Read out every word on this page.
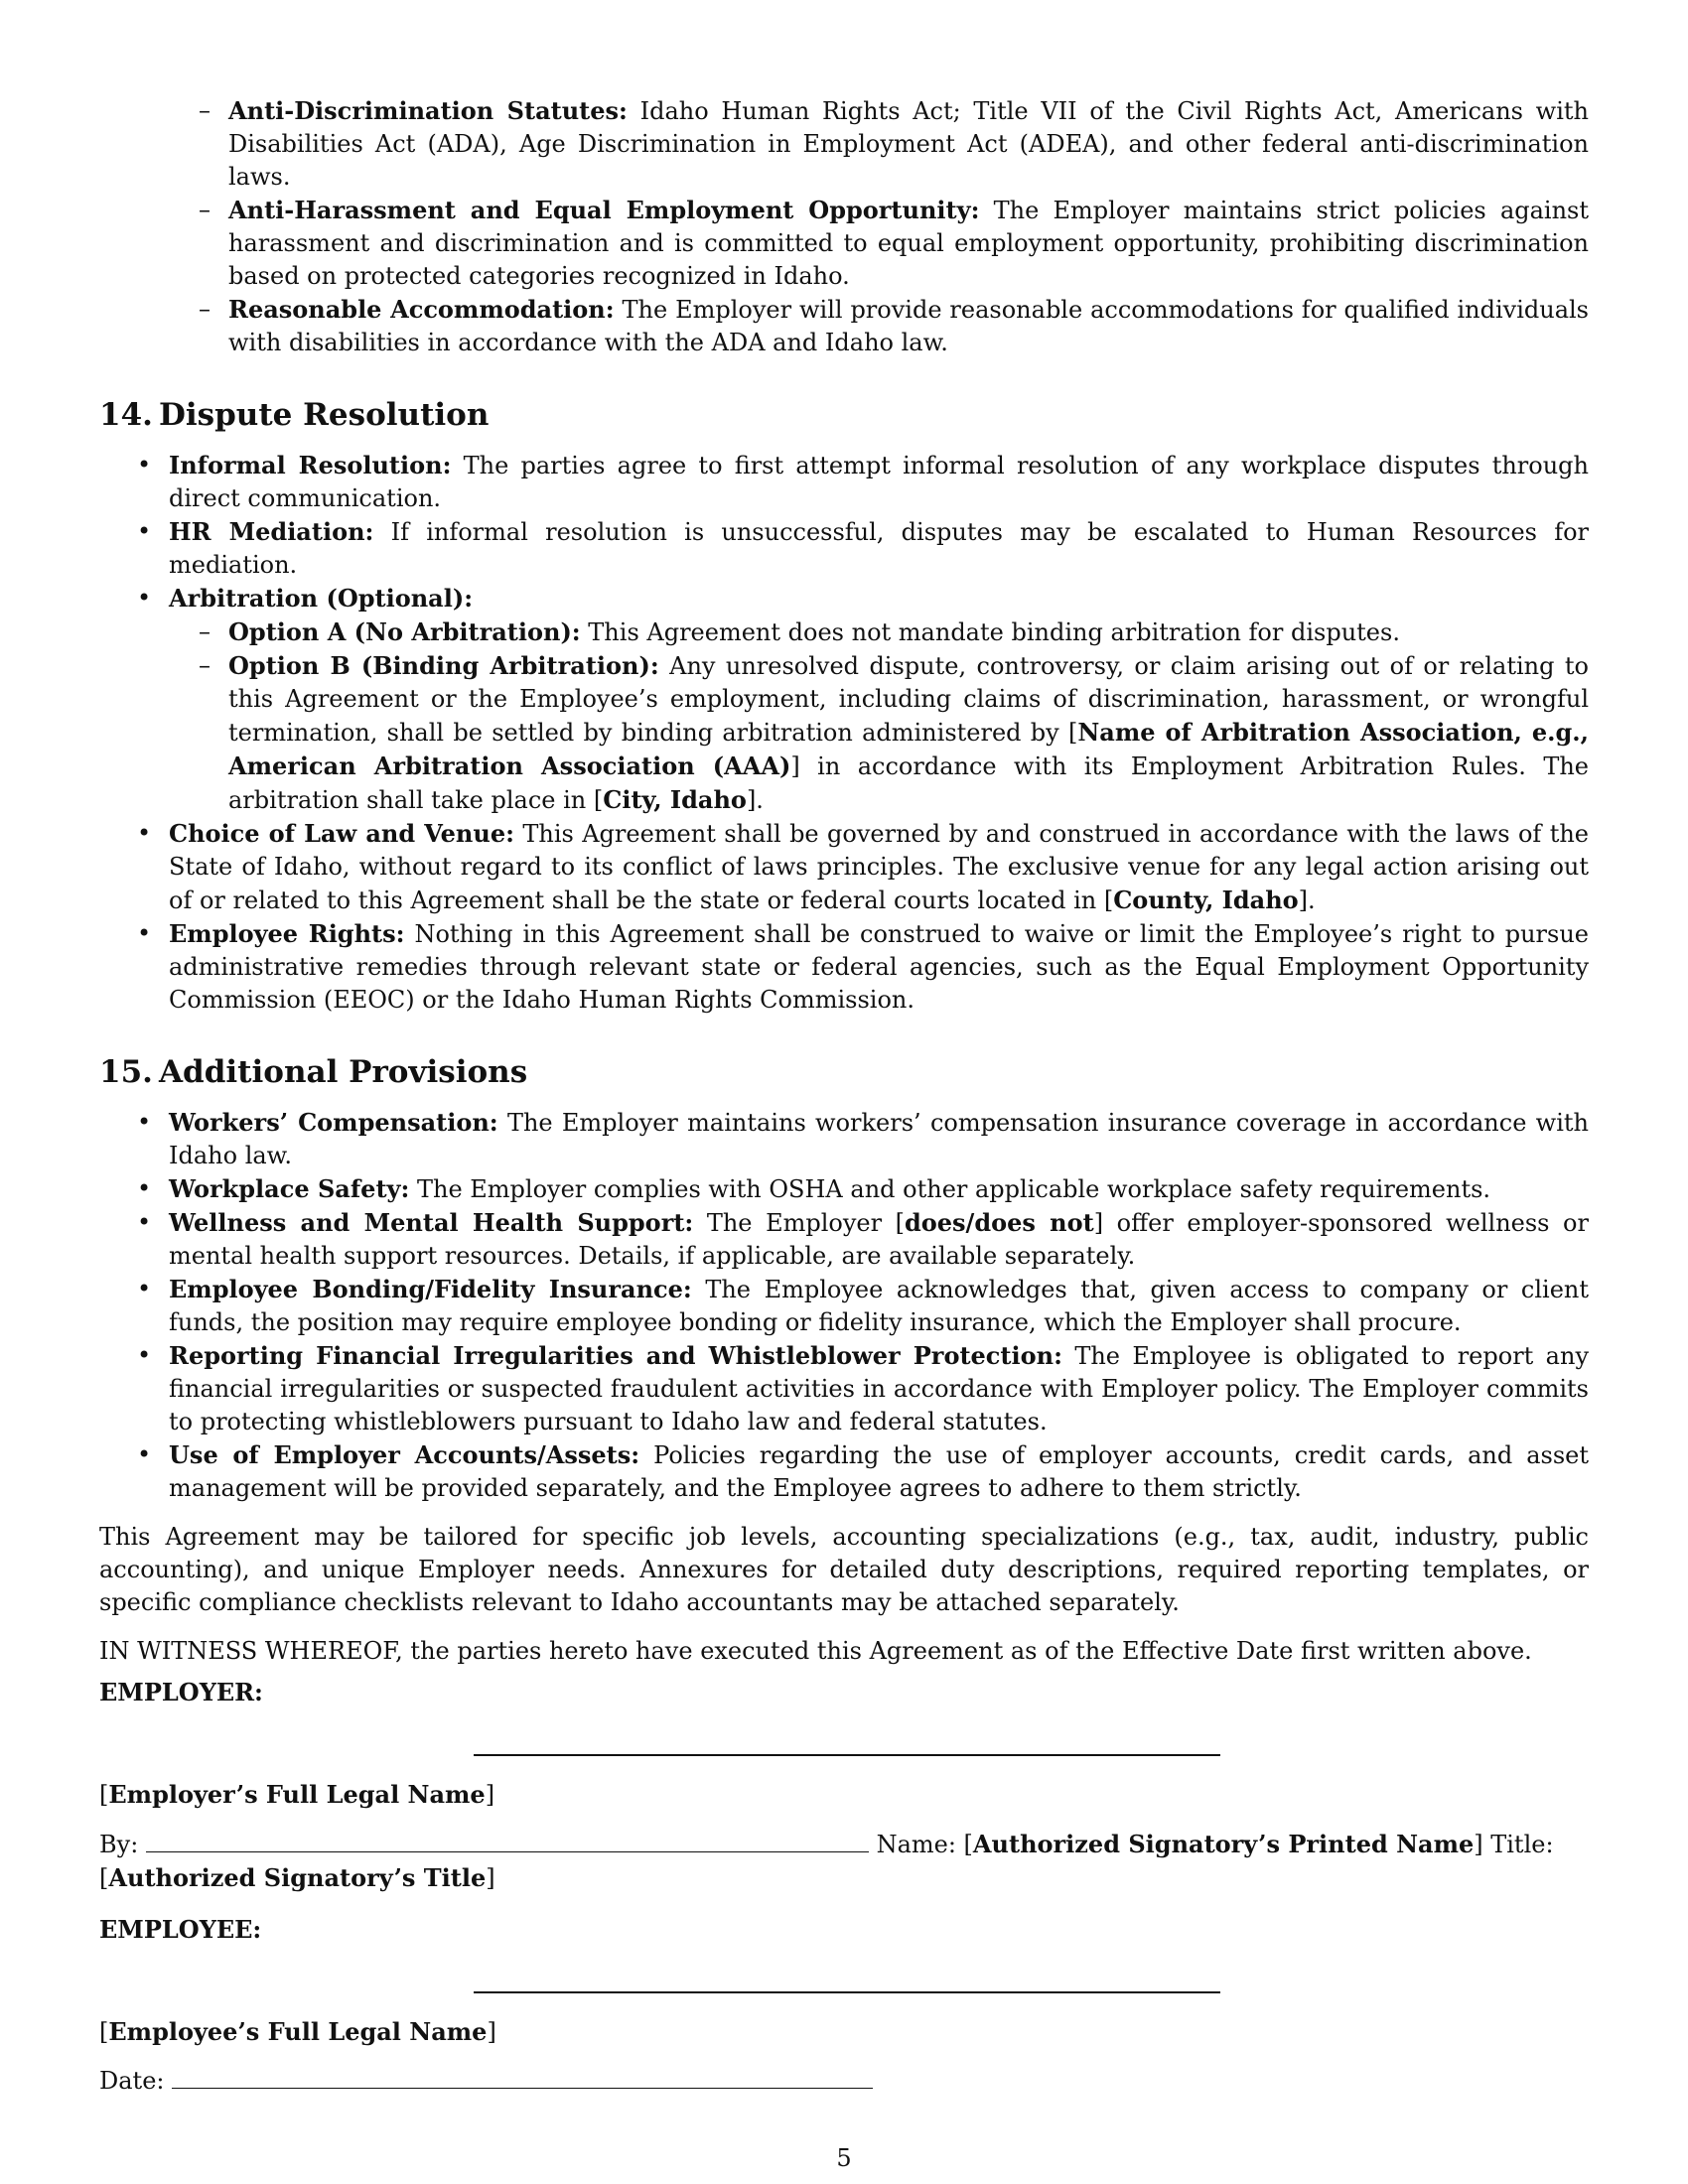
– Anti-Discrimination Statutes: Idaho Human Rights Act; Title VII of the Civil Rights Act, Americans with Disabilities Act (ADA), Age Discrimination in Employment Act (ADEA), and other federal anti-discrimination laws.
– Anti-Harassment and Equal Employment Opportunity: The Employer maintains strict policies against harassment and discrimination and is committed to equal employment opportunity, prohibiting discrimination based on protected categories recognized in Idaho.
– Reasonable Accommodation: The Employer will provide reasonable accommodations for qualified individuals with disabilities in accordance with the ADA and Idaho law.
14. Dispute Resolution
• Informal Resolution: The parties agree to first attempt informal resolution of any workplace disputes through direct communication.
• HR Mediation: If informal resolution is unsuccessful, disputes may be escalated to Human Resources for mediation.
• Arbitration (Optional):
– Option A (No Arbitration): This Agreement does not mandate binding arbitration for disputes.
– Option B (Binding Arbitration): Any unresolved dispute, controversy, or claim arising out of or relating to this Agreement or the Employee’s employment, including claims of discrimination, harassment, or wrongful termination, shall be settled by binding arbitration administered by [Name of Arbitration Association, e.g., American Arbitration Association (AAA)] in accordance with its Employment Arbitration Rules. The arbitration shall take place in [City, Idaho].
• Choice of Law and Venue: This Agreement shall be governed by and construed in accordance with the laws of the State of Idaho, without regard to its conflict of laws principles. The exclusive venue for any legal action arising out of or related to this Agreement shall be the state or federal courts located in [County, Idaho].
• Employee Rights: Nothing in this Agreement shall be construed to waive or limit the Employee’s right to pursue administrative remedies through relevant state or federal agencies, such as the Equal Employment Opportunity Commission (EEOC) or the Idaho Human Rights Commission.
15. Additional Provisions
• Workers’ Compensation: The Employer maintains workers’ compensation insurance coverage in accordance with Idaho law.
• Workplace Safety: The Employer complies with OSHA and other applicable workplace safety requirements.
• Wellness and Mental Health Support: The Employer [does/does not] offer employer-sponsored wellness or mental health support resources. Details, if applicable, are available separately.
• Employee Bonding/Fidelity Insurance: The Employee acknowledges that, given access to company or client funds, the position may require employee bonding or fidelity insurance, which the Employer shall procure.
• Reporting Financial Irregularities and Whistleblower Protection: The Employee is obligated to report any financial irregularities or suspected fraudulent activities in accordance with Employer policy. The Employer commits to protecting whistleblowers pursuant to Idaho law and federal statutes.
• Use of Employer Accounts/Assets: Policies regarding the use of employer accounts, credit cards, and asset management will be provided separately, and the Employee agrees to adhere to them strictly.

This Agreement may be tailored for specific job levels, accounting specializations (e.g., tax, audit, industry, public accounting), and unique Employer needs. Annexures for detailed duty descriptions, required reporting templates, or specific compliance checklists relevant to Idaho accountants may be attached separately.

IN WITNESS WHEREOF, the parties hereto have executed this Agreement as of the Effective Date first written above.

EMPLOYER:

[Employer’s Full Legal Name]

By:	Name: [Authorized Signatory’s Printed Name] Title:
[Authorized Signatory’s Title]

EMPLOYEE:

[Employee’s Full Legal Name]

Date:

5
